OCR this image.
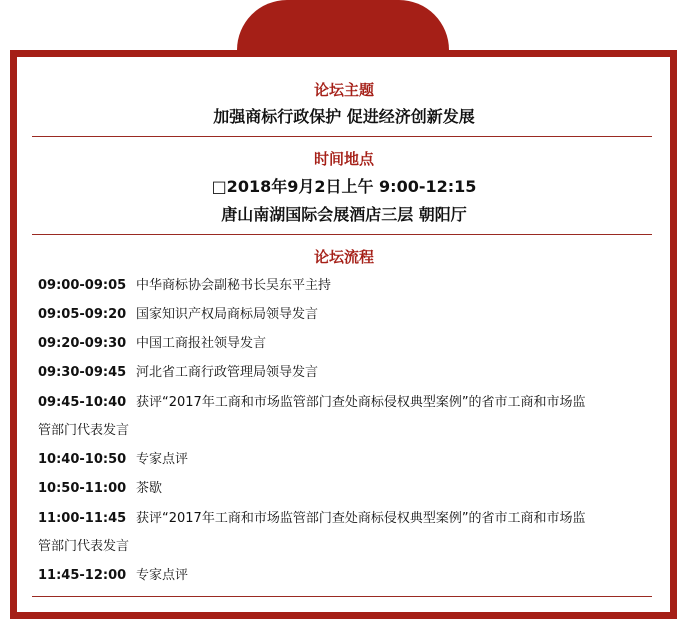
论坛主题
加强商标行政保护 促进经济创新发展
时间地点
□2018年9月2日上午 9:00-12:15
唐山南湖国际会展酒店三层 朝阳厅
论坛流程
09:00-09:05 中华商标协会副秘书长吴东平主持
09:05-09:20 国家知识产权局商标局领导发言
09:20-09:30 中国工商报社领导发言
09:30-09:45 河北省工商行政管理局领导发言
09:45-10:40 获评“2017年工商和市场监管部门查处商标侵权典型案例”的省市工商和市场监
管部门代表发言
10:40-10:50 专家点评
10:50-11:00 茶歇
11:00-11:45 获评“2017年工商和市场监管部门查处商标侵权典型案例”的省市工商和市场监
管部门代表发言
11:45-12:00 专家点评
